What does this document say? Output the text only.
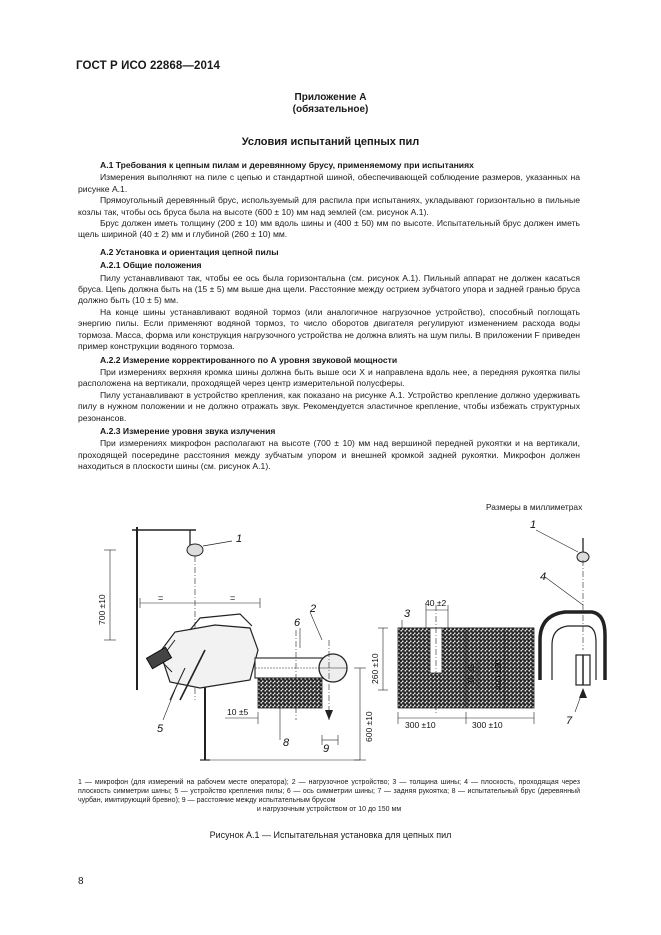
ГОСТ Р ИСО 22868—2014
Приложение А
(обязательное)
Условия испытаний цепных пил
А.1 Требования к цепным пилам и деревянному брусу, применяемому при испытаниях

Измерения выполняют на пиле с цепью и стандартной шиной, обеспечивающей соблюдение размеров, указанных на рисунке А.1.

Прямоугольный деревянный брус, используемый для распила при испытаниях, укладывают горизонтально в пильные козлы так, чтобы ось бруса была на высоте (600 ± 10) мм над землей (см. рисунок А.1).

Брус должен иметь толщину (200 ± 10) мм вдоль шины и (400 ± 50) мм по высоте. Испытательный брус должен иметь щель шириной (40 ± 2) мм и глубиной (260 ± 10) мм.

А.2 Установка и ориентация цепной пилы
А.2.1 Общие положения

Пилу устанавливают так, чтобы ее ось была горизонтальна (см. рисунок А.1). Пильный аппарат не должен касаться бруса. Цепь должна быть на (15 ± 5) мм выше дна щели. Расстояние между острием зубчатого упора и задней гранью бруса должно быть (10 ± 5) мм.

На конце шины устанавливают водяной тормоз (или аналогичное нагрузочное устройство), способный поглощать энергию пилы. Если применяют водяной тормоз, то число оборотов двигателя регулируют изменением расхода воды тормоза. Масса, форма или конструкция нагрузочного устройства не должна влиять на шум пилы. В приложении F приведен пример конструкции водяного тормоза.

А.2.2 Измерение корректированного по А уровня звуковой мощности

При измерениях верхняя кромка шины должна быть выше оси X и направлена вдоль нее, а передняя рукоятка пилы расположена на вертикали, проходящей через центр измерительной полусферы.

Пилу устанавливают в устройство крепления, как показано на рисунке А.1. Устройство крепление должно удерживать пилу в нужном положении и не должно отражать звук. Рекомендуется эластичное крепление, чтобы избежать структурных резонансов.

А.2.3 Измерение уровня звука излучения

При измерениях микрофон располагают на высоте (700 ± 10) мм над вершиной передней рукоятки и на вертикали, проходящей посередине расстояния между зубчатым упором и внешней кромкой задней рукоятки. Микрофон должен находиться в плоскости шины (см. рисунок А.1).

Размеры в миллиметрах
1
2
6
5
8	9
=	=
10 ±5
700 ±10
600 ±10
1
4
3
7
40 ±2
300 ±10	300 ±10
260 ±10	15 ±5 400 ±50
1 — микрофон (для измерений на рабочем месте оператора); 2 — нагрузочное устройство; 3 — толщина шины; 4 — плоскость, проходящая через плоскость симметрии шины; 5 — устройство крепления пилы; 6 — ось симметрии шины; 7 — задняя рукоятка; 8 — испытательный брус (деревянный чурбан, имитирующий бревно); 9 — расстояние между испытательным брусом
и нагрузочным устройством от 10 до 150 мм
Рисунок А.1 — Испытательная установка для цепных пил
8
